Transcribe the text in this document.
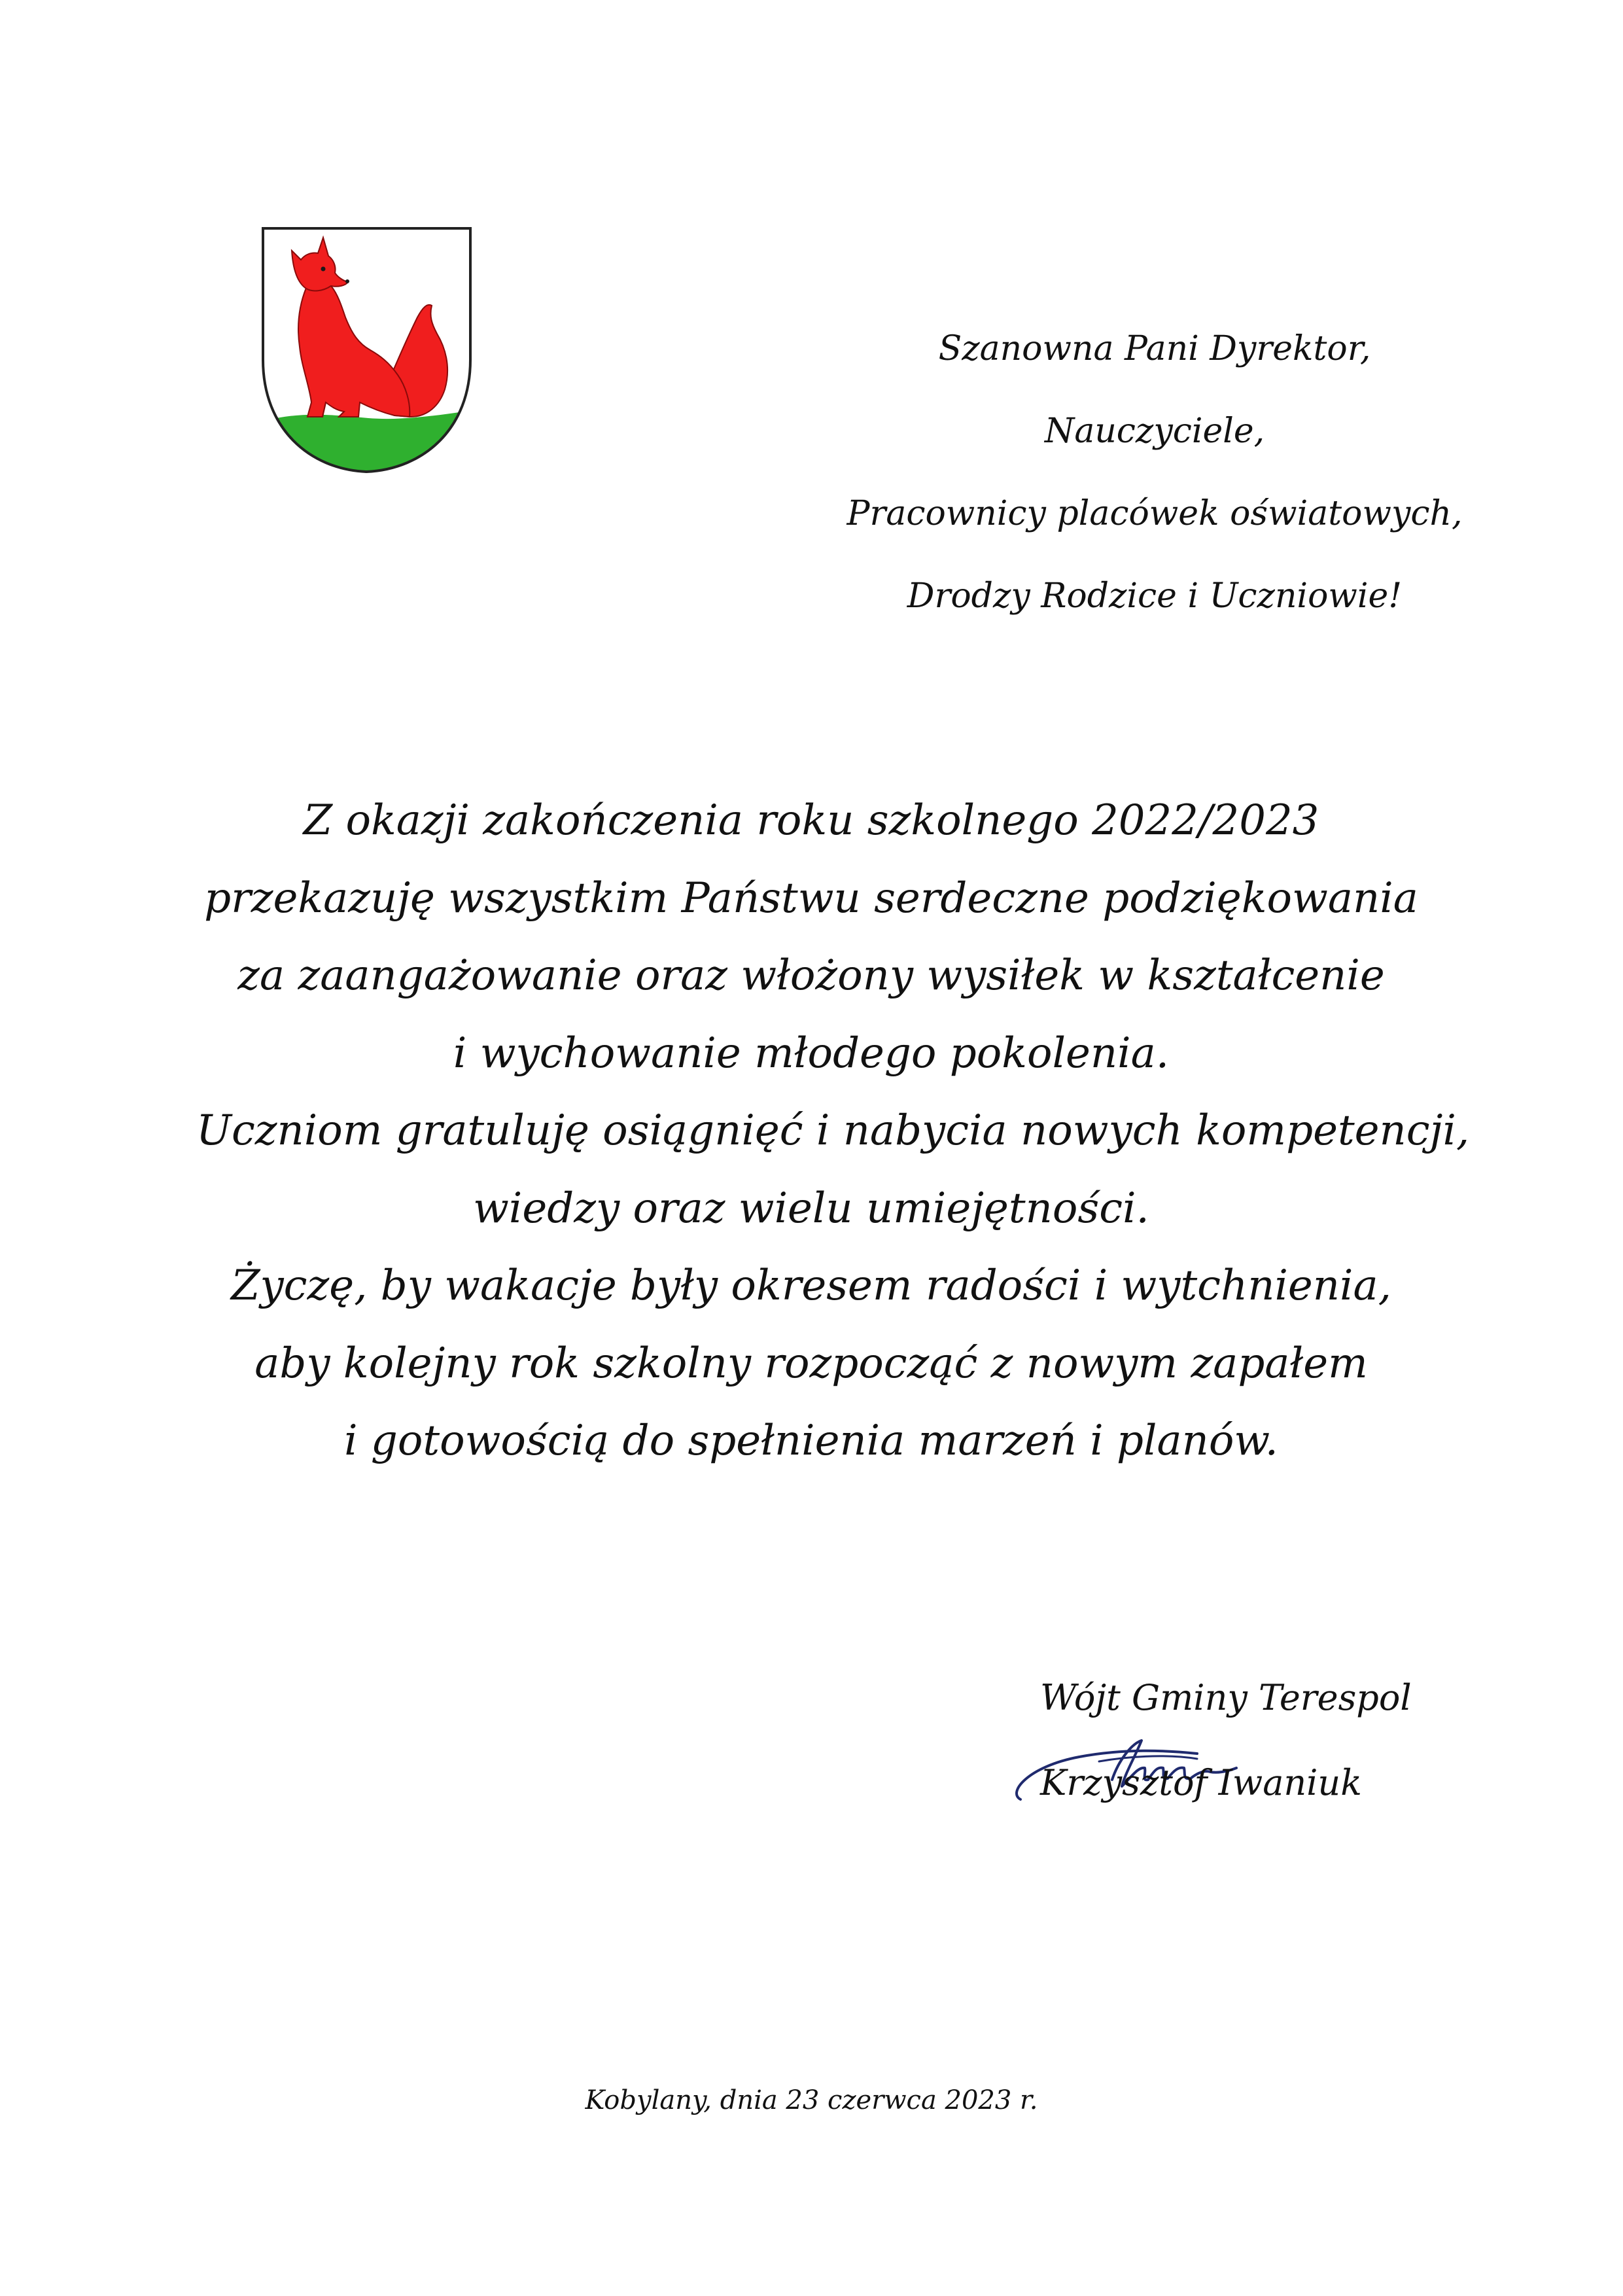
Szanowna Pani Dyrektor,
Nauczyciele,
Pracownicy placówek oświatowych,
Drodzy Rodzice i Uczniowie!
Z okazji zakończenia roku szkolnego 2022/2023
przekazuję wszystkim Państwu serdeczne podziękowania
za zaangażowanie oraz włożony wysiłek w kształcenie
i wychowanie młodego pokolenia.
Uczniom gratuluję osiągnięć i nabycia nowych kompetencji,
wiedzy oraz wielu umiejętności.
Życzę, by wakacje były okresem radości i wytchnienia,
aby kolejny rok szkolny rozpocząć z nowym zapałem
i gotowością do spełnienia marzeń i planów.
Wójt Gminy Terespol
Krzysztof Iwaniuk
Kobylany, dnia 23 czerwca 2023 r.
